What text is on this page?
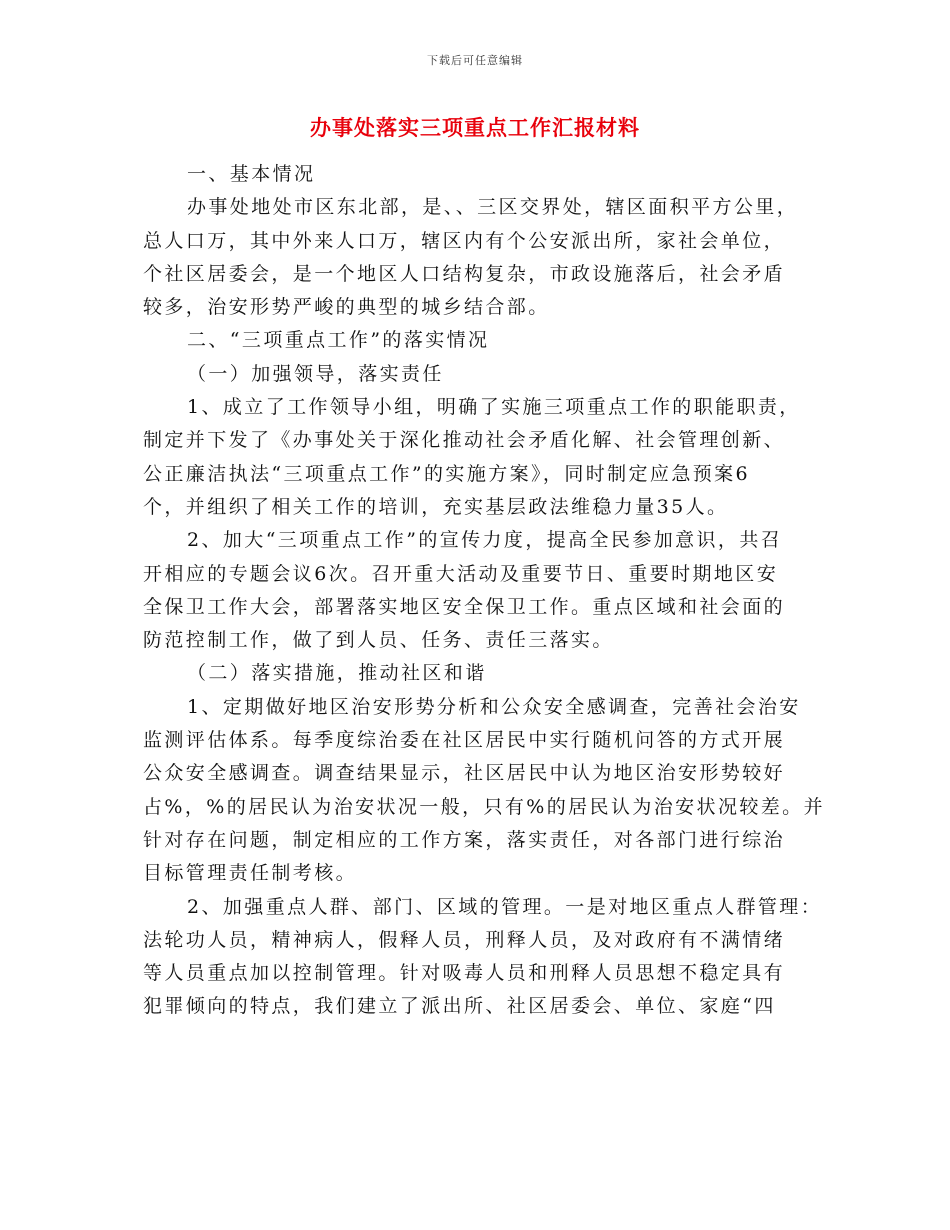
下载后可任意编辑
办事处落实三项重点工作汇报材料
一、基本情况
办事处地处市区东北部，是、、三区交界处，辖区面积平方公里，
总人口万，其中外来人口万，辖区内有个公安派出所，家社会单位，
个社区居委会，是一个地区人口结构复杂，市政设施落后，社会矛盾
较多，治安形势严峻的典型的城乡结合部。
二、“三项重点工作”的落实情况
（一）加强领导，落实责任
1、成立了工作领导小组，明确了实施三项重点工作的职能职责，
制定并下发了《办事处关于深化推动社会矛盾化解、社会管理创新、
公正廉洁执法“三项重点工作”的实施方案》，同时制定应急预案6
个，并组织了相关工作的培训，充实基层政法维稳力量35人。
2、加大“三项重点工作”的宣传力度，提高全民参加意识，共召
开相应的专题会议6次。召开重大活动及重要节日、重要时期地区安
全保卫工作大会，部署落实地区安全保卫工作。重点区域和社会面的
防范控制工作，做了到人员、任务、责任三落实。
（二）落实措施，推动社区和谐
1、定期做好地区治安形势分析和公众安全感调查，完善社会治安
监测评估体系。每季度综治委在社区居民中实行随机问答的方式开展
公众安全感调查。调查结果显示，社区居民中认为地区治安形势较好
占%，%的居民认为治安状况一般，只有%的居民认为治安状况较差。并
针对存在问题，制定相应的工作方案，落实责任，对各部门进行综治
目标管理责任制考核。
2、加强重点人群、部门、区域的管理。一是对地区重点人群管理：
法轮功人员，精神病人，假释人员，刑释人员，及对政府有不满情绪
等人员重点加以控制管理。针对吸毒人员和刑释人员思想不稳定具有
犯罪倾向的特点，我们建立了派出所、社区居委会、单位、家庭“四
